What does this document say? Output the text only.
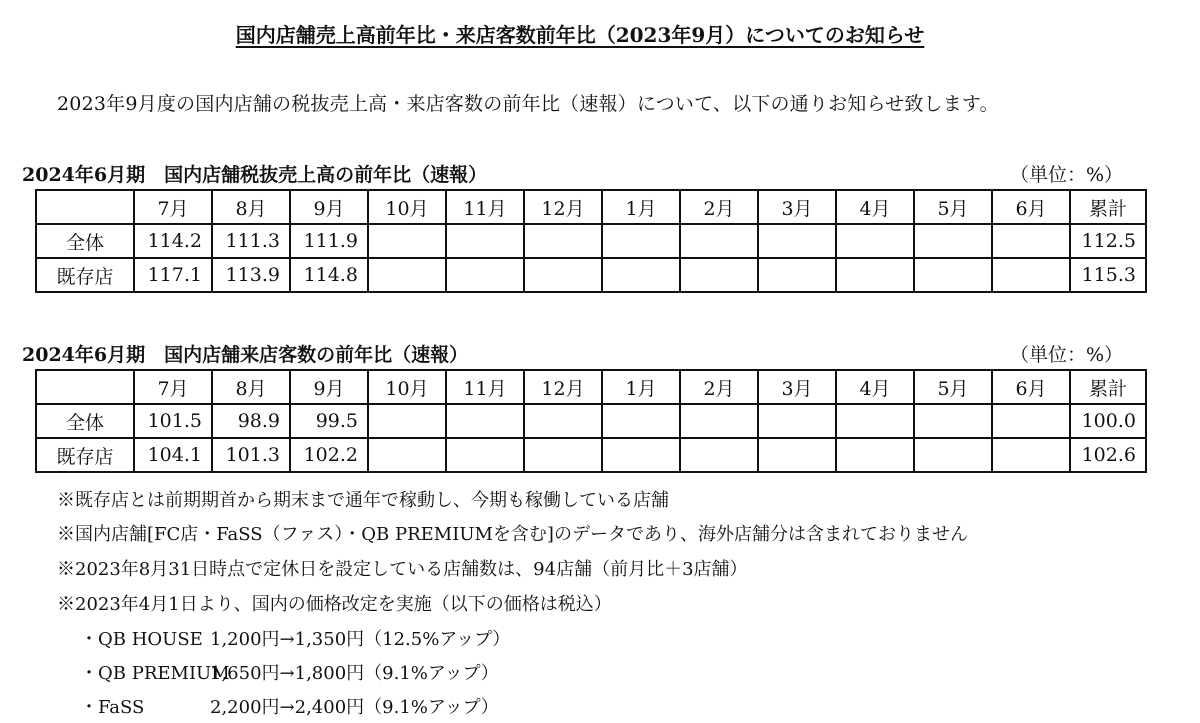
国内店舗売上高前年比・来店客数前年比（2023年9月）についてのお知らせ
2023年9月度の国内店舗の税抜売上高・来店客数の前年比（速報）について、以下の通りお知らせ致します。
2024年6月期　国内店舗税抜売上高の前年比（速報）	（単位：%）
	7月	8月	9月	10月	11月	12月	1月	2月	3月	4月	5月	6月	累計
全体	114.2	111.3	111.9										112.5
既存店	117.1	113.9	114.8										115.3
2024年6月期　国内店舗来店客数の前年比（速報）	（単位：%）
	7月	8月	9月	10月	11月	12月	1月	2月	3月	4月	5月	6月	累計
全体	101.5	98.9	99.5										100.0
既存店	104.1	101.3	102.2										102.6
※既存店とは前期期首から期末まで通年で稼動し、今期も稼働している店舗
※国内店舗[FC店・FaSS（ファス）・QB PREMIUMを含む]のデータであり、海外店舗分は含まれておりません
※2023年8月31日時点で定休日を設定している店舗数は、94店舗（前月比＋3店舗）
※2023年4月1日より、国内の価格改定を実施（以下の価格は税込）
・QB HOUSE 1,200円→1,350円（12.5%アップ）
・QB PREMIUM
1,650円→1,800円（9.1%アップ）
・FaSS	2,200円→2,400円（9.1%アップ）
